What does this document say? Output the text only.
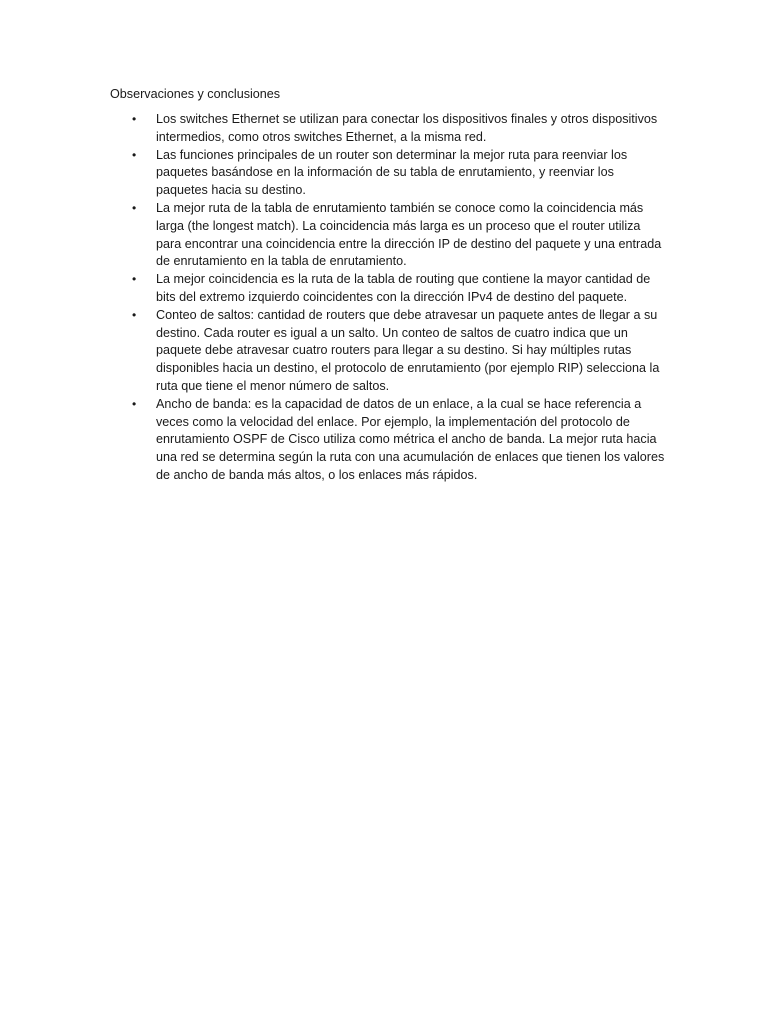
Observaciones y conclusiones

• Los switches Ethernet se utilizan para conectar los dispositivos finales y otros dispositivos intermedios, como otros switches Ethernet, a la misma red.
• Las funciones principales de un router son determinar la mejor ruta para reenviar los paquetes basándose en la información de su tabla de enrutamiento, y reenviar los paquetes hacia su destino.
• La mejor ruta de la tabla de enrutamiento también se conoce como la coincidencia más larga (the longest match). La coincidencia más larga es un proceso que el router utiliza para encontrar una coincidencia entre la dirección IP de destino del paquete y una entrada de enrutamiento en la tabla de enrutamiento.
• La mejor coincidencia es la ruta de la tabla de routing que contiene la mayor cantidad de bits del extremo izquierdo coincidentes con la dirección IPv4 de destino del paquete.
• Conteo de saltos: cantidad de routers que debe atravesar un paquete antes de llegar a su destino. Cada router es igual a un salto. Un conteo de saltos de cuatro indica que un paquete debe atravesar cuatro routers para llegar a su destino. Si hay múltiples rutas disponibles hacia un destino, el protocolo de enrutamiento (por ejemplo RIP) selecciona la ruta que tiene el menor número de saltos.
• Ancho de banda: es la capacidad de datos de un enlace, a la cual se hace referencia a veces como la velocidad del enlace. Por ejemplo, la implementación del protocolo de enrutamiento OSPF de Cisco utiliza como métrica el ancho de banda. La mejor ruta hacia una red se determina según la ruta con una acumulación de enlaces que tienen los valores de ancho de banda más altos, o los enlaces más rápidos.
